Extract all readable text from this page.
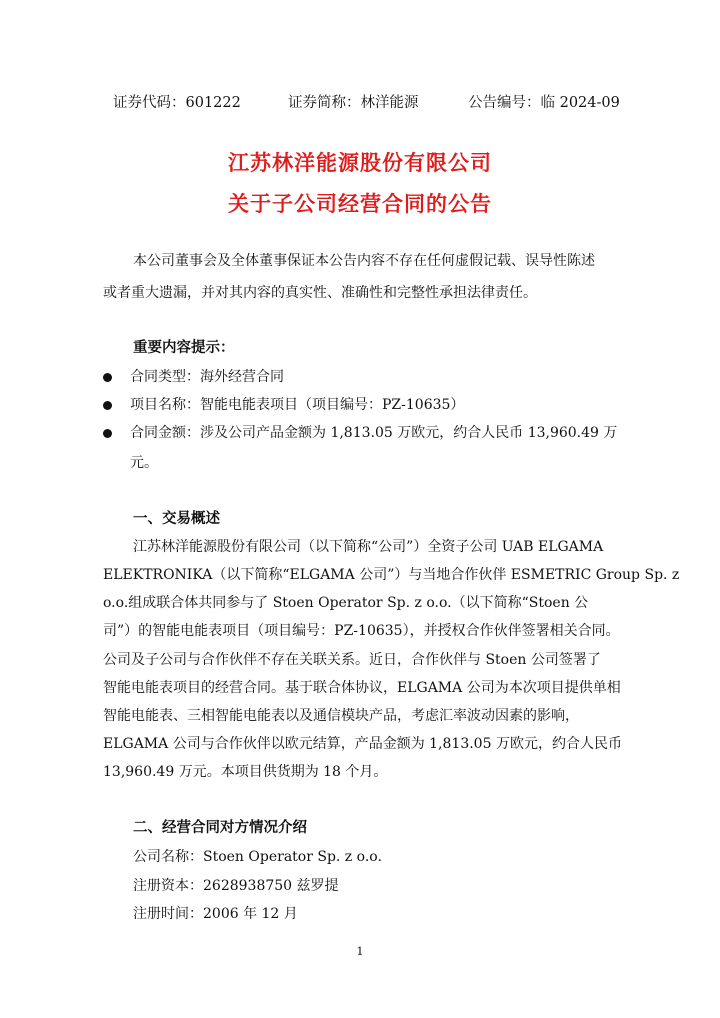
证券代码：601222	证券简称：林洋能源	公告编号：临 2024-09
江苏林洋能源股份有限公司
关于子公司经营合同的公告
本公司董事会及全体董事保证本公告内容不存在任何虚假记载、误导性陈述
或者重大遗漏，并对其内容的真实性、准确性和完整性承担法律责任。
重要内容提示：
合同类型：海外经营合同
项目名称：智能电能表项目（项目编号：PZ-10635）
合同金额：涉及公司产品金额为 1,813.05 万欧元，约合人民币 13,960.49 万
元。
一、交易概述
江苏林洋能源股份有限公司（以下简称“公司”）全资子公司 UAB ELGAMA
ELEKTRONIKA（以下简称“ELGAMA 公司”）与当地合作伙伴 ESMETRIC Group Sp. z
o.o.组成联合体共同参与了 Stoen Operator Sp. z o.o.（以下简称“Stoen 公
司”）的智能电能表项目（项目编号：PZ-10635），并授权合作伙伴签署相关合同。
公司及子公司与合作伙伴不存在关联关系。近日，合作伙伴与 Stoen 公司签署了
智能电能表项目的经营合同。基于联合体协议，ELGAMA 公司为本次项目提供单相
智能电能表、三相智能电能表以及通信模块产品，考虑汇率波动因素的影响，
ELGAMA 公司与合作伙伴以欧元结算，产品金额为 1,813.05 万欧元，约合人民币
13,960.49 万元。本项目供货期为 18 个月。
二、经营合同对方情况介绍
公司名称：Stoen Operator Sp. z o.o.
注册资本：2628938750 兹罗提
注册时间：2006 年 12 月
1
